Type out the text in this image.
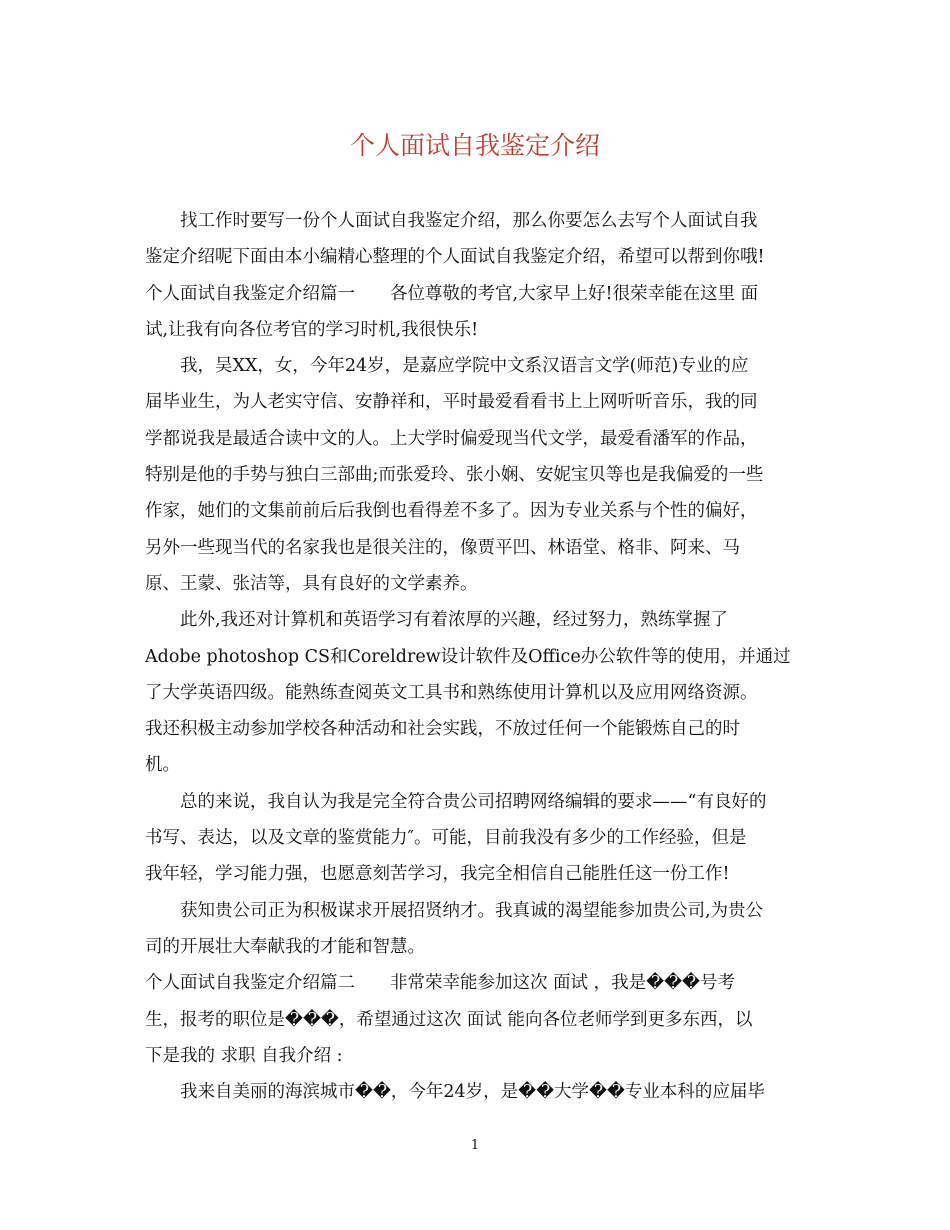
个人面试自我鉴定介绍
找工作时要写一份个人面试自我鉴定介绍，那么你要怎么去写个人面试自我
鉴定介绍呢下面由本小编精心整理的个人面试自我鉴定介绍，希望可以帮到你哦!
个人面试自我鉴定介绍篇一　　各位尊敬的考官,大家早上好!很荣幸能在这里 面
试,让我有向各位考官的学习时机,我很快乐!
我，吴XX，女，今年24岁，是嘉应学院中文系汉语言文学(师范)专业的应
届毕业生，为人老实守信、安静祥和，平时最爱看看书上上网听听音乐，我的同
学都说我是最适合读中文的人。上大学时偏爱现当代文学，最爱看潘军的作品，
特别是他的手势与独白三部曲;而张爱玲、张小娴、安妮宝贝等也是我偏爱的一些
作家，她们的文集前前后后我倒也看得差不多了。因为专业关系与个性的偏好，
另外一些现当代的名家我也是很关注的，像贾平凹、林语堂、格非、阿来、马
原、王蒙、张洁等，具有良好的文学素养。
此外,我还对计算机和英语学习有着浓厚的兴趣，经过努力，熟练掌握了
Adobe photoshop CS和Coreldrew设计软件及Office办公软件等的使用，并通过
了大学英语四级。能熟练查阅英文工具书和熟练使用计算机以及应用网络资源。
我还积极主动参加学校各种活动和社会实践，不放过任何一个能锻炼自己的时
机。
总的来说，我自认为我是完全符合贵公司招聘网络编辑的要求——“有良好的
书写、表达，以及文章的鉴赏能力″。可能，目前我没有多少的工作经验，但是
我年轻，学习能力强，也愿意刻苦学习，我完全相信自己能胜任这一份工作!
获知贵公司正为积极谋求开展招贤纳才。我真诚的渴望能参加贵公司,为贵公
司的开展壮大奉献我的才能和智慧。
个人面试自我鉴定介绍篇二　　非常荣幸能参加这次 面试 ，我是���号考
生，报考的职位是���，希望通过这次 面试 能向各位老师学到更多东西，以
下是我的 求职 自我介绍 :
我来自美丽的海滨城市��，今年24岁，是��大学��专业本科的应届毕
1
